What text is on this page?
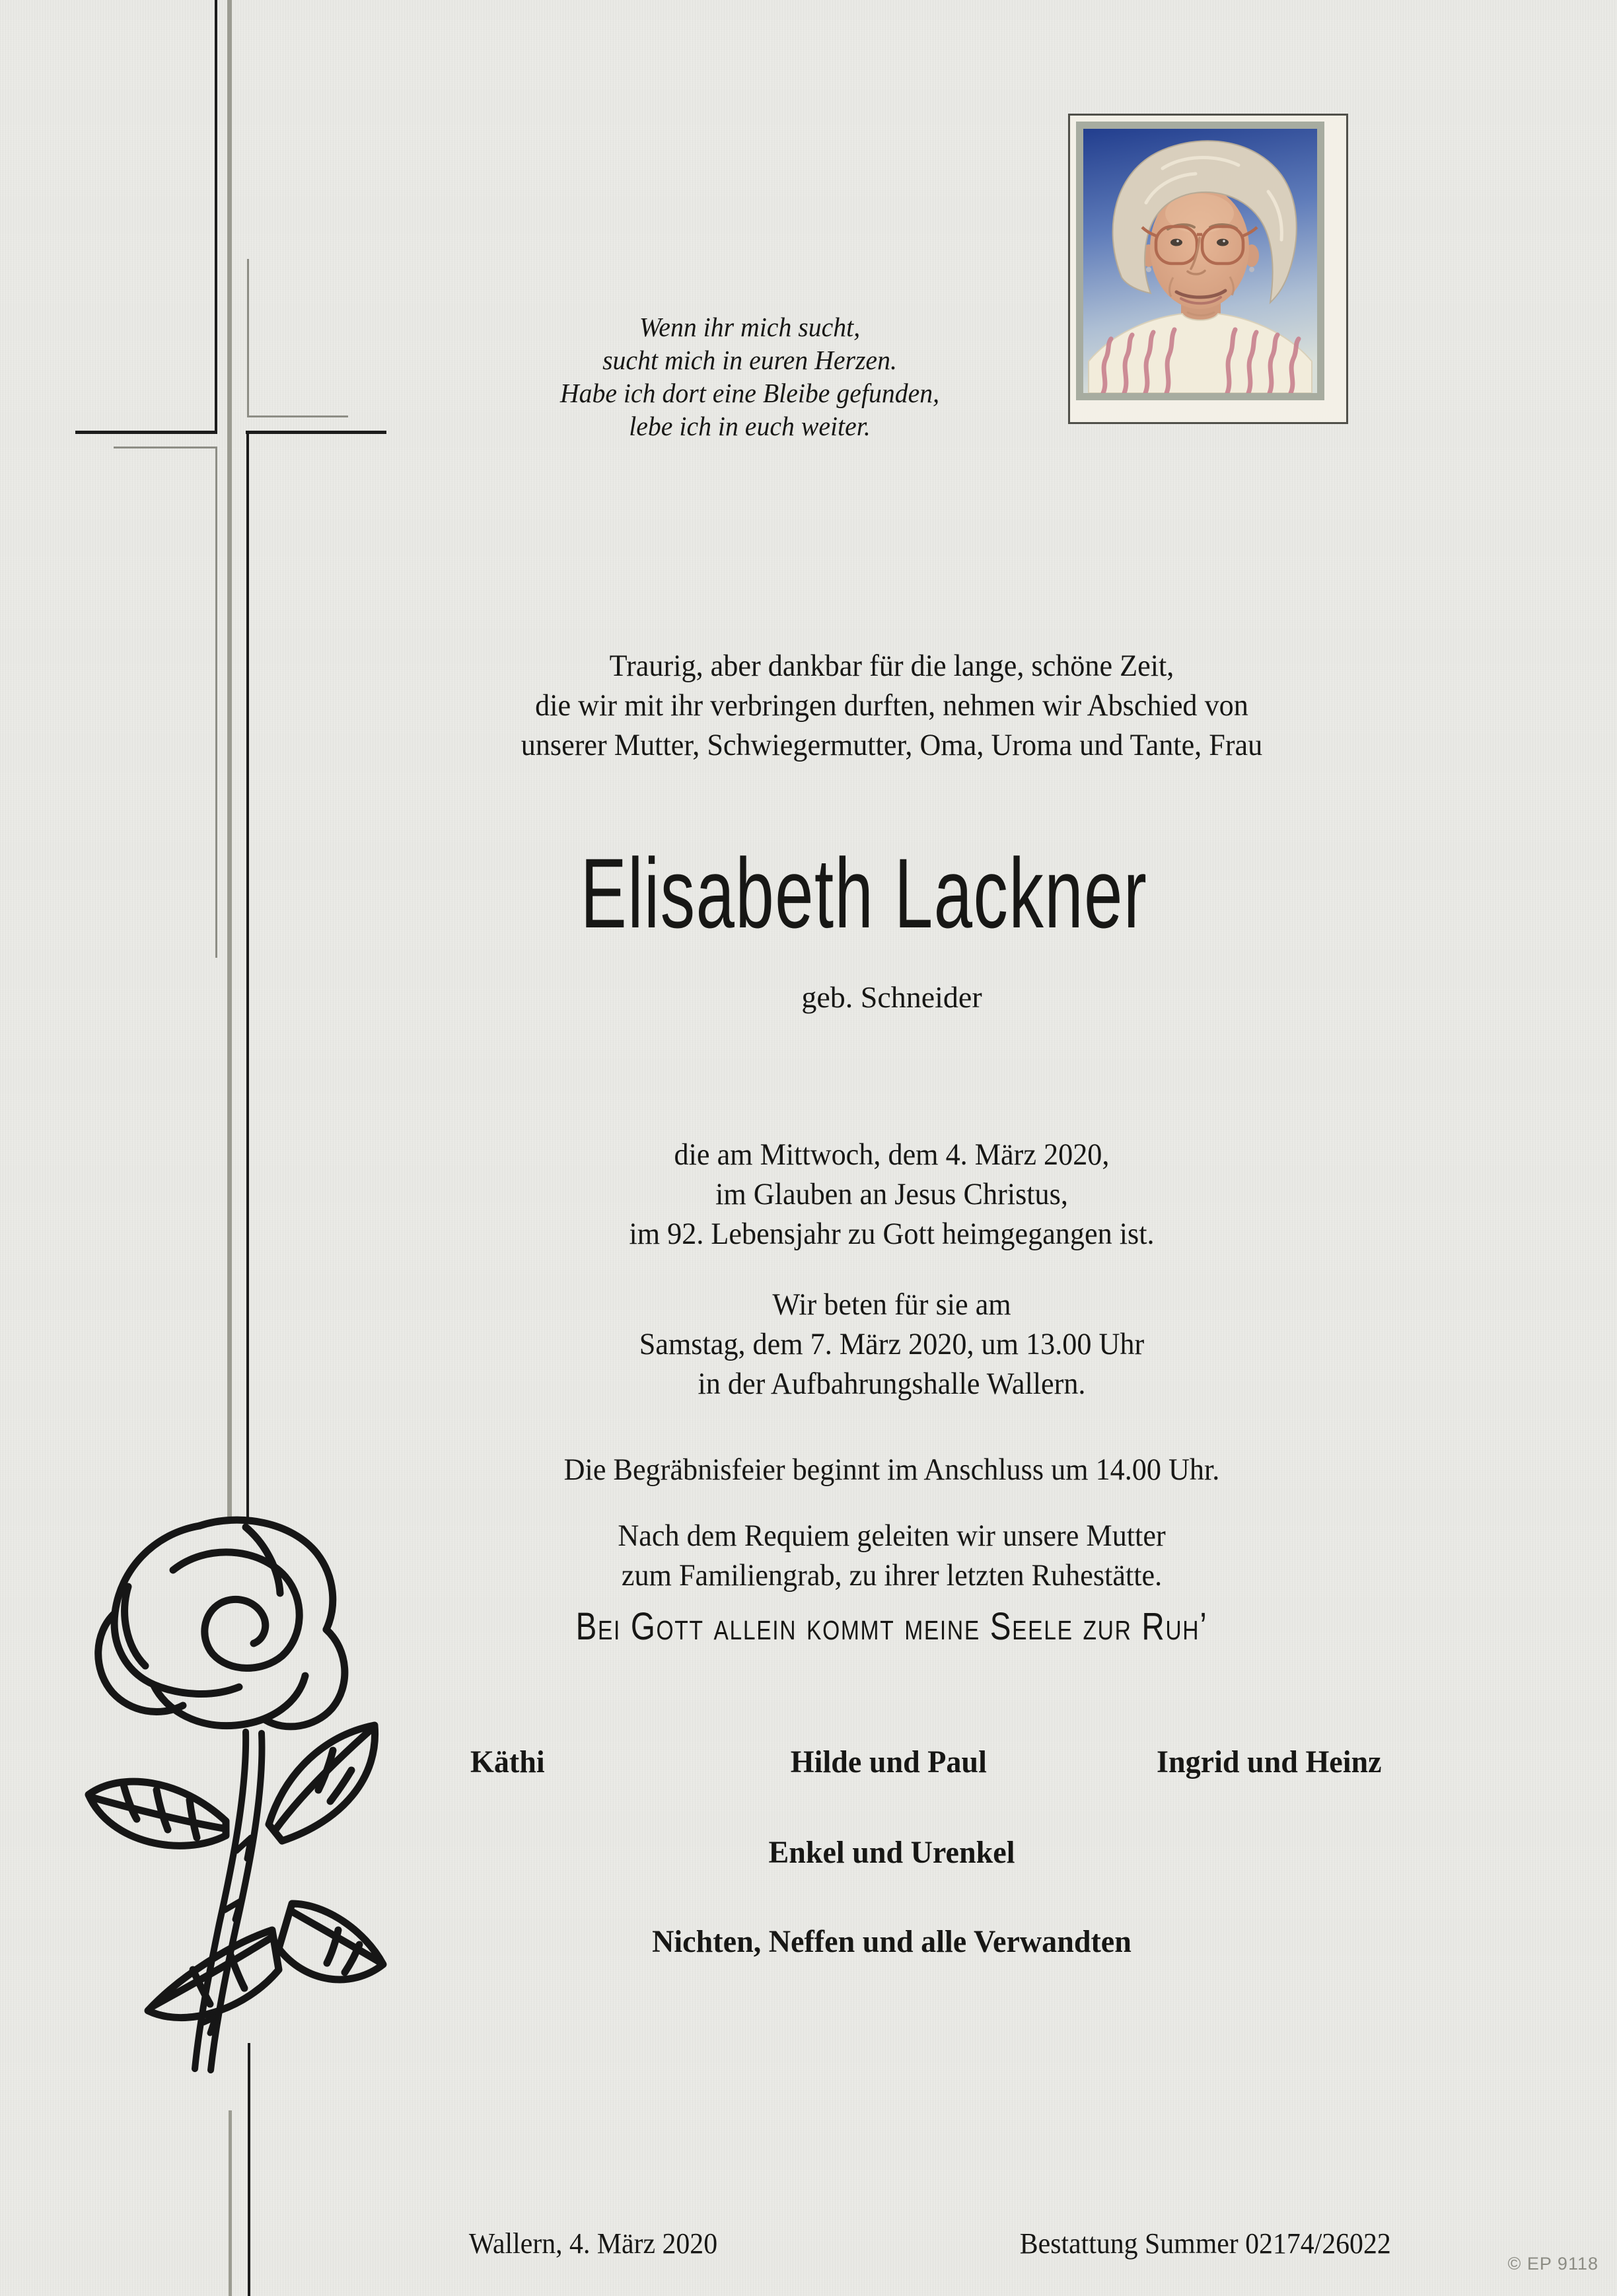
Wenn ihr mich sucht,
sucht mich in euren Herzen.
Habe ich dort eine Bleibe gefunden,
lebe ich in euch weiter.
Traurig, aber dankbar für die lange, schöne Zeit,
die wir mit ihr verbringen durften, nehmen wir Abschied von
unserer Mutter, Schwiegermutter, Oma, Uroma und Tante, Frau
Elisabeth Lackner
geb. Schneider
die am Mittwoch, dem 4. März 2020,
im Glauben an Jesus Christus,
im 92. Lebensjahr zu Gott heimgegangen ist.
Wir beten für sie am
Samstag, dem 7. März 2020, um 13.00 Uhr
in der Aufbahrungshalle Wallern.
Die Begräbnisfeier beginnt im Anschluss um 14.00 Uhr.
Nach dem Requiem geleiten wir unsere Mutter
zum Familiengrab, zu ihrer letzten Ruhestätte.
Bei Gott allein kommt meine Seele zur Ruh’
Käthi	Hilde und Paul	Ingrid und Heinz
Enkel und Urenkel
Nichten, Neffen und alle Verwandten
Wallern, 4. März 2020	Bestattung Summer 02174/26022
© EP 9118
